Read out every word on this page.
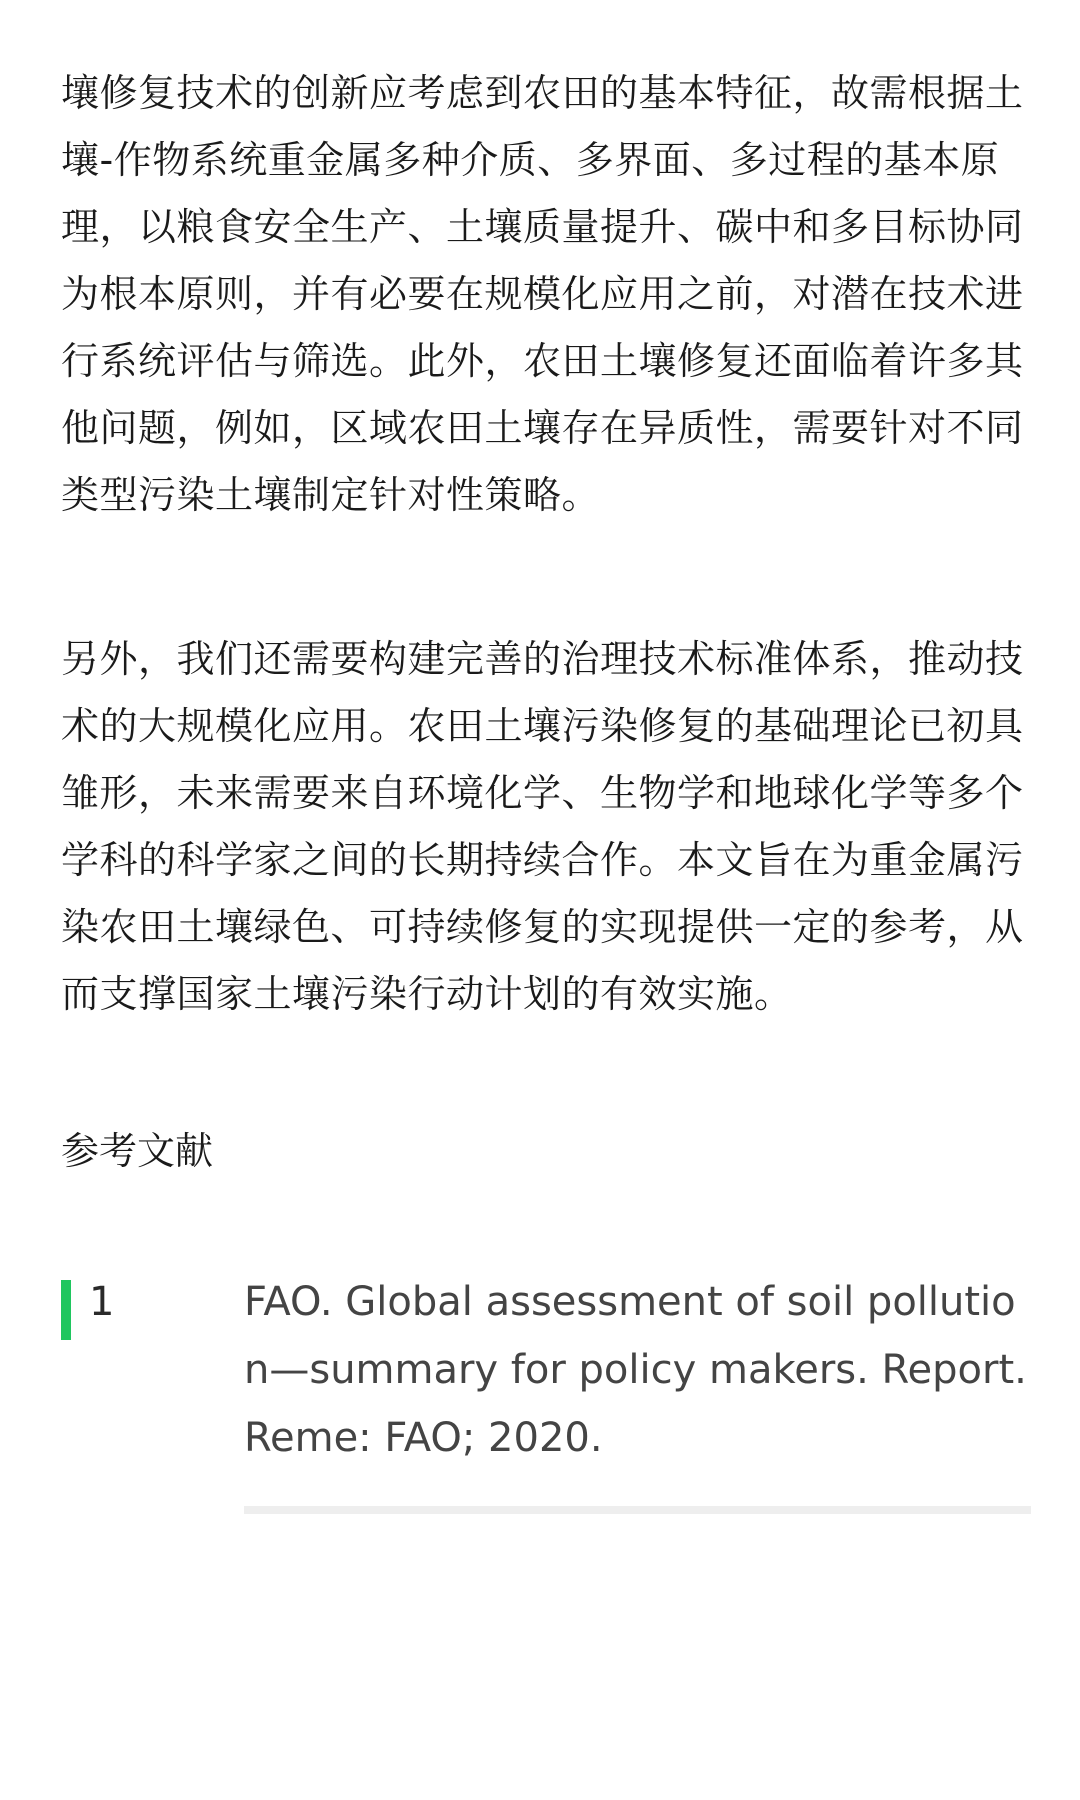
壤修复技术的创新应考虑到农田的基本特征，故需根据土壤-作物系统重金属多种介质、多界面、多过程的基本原理，以粮食安全生产、土壤质量提升、碳中和多目标协同为根本原则，并有必要在规模化应用之前，对潜在技术进行系统评估与筛选。此外，农田土壤修复还面临着许多其他问题，例如，区域农田土壤存在异质性，需要针对不同类型污染土壤制定针对性策略。

另外，我们还需要构建完善的治理技术标准体系，推动技术的大规模化应用。农田土壤污染修复的基础理论已初具雏形，未来需要来自环境化学、生物学和地球化学等多个学科的科学家之间的长期持续合作。本文旨在为重金属污染农田土壤绿色、可持续修复的实现提供一定的参考，从而支撑国家土壤污染行动计划的有效实施。

参考文献
1	FAO. Global assessment of soil pollution—summary for policy makers. Report. Reme: FAO; 2020.
